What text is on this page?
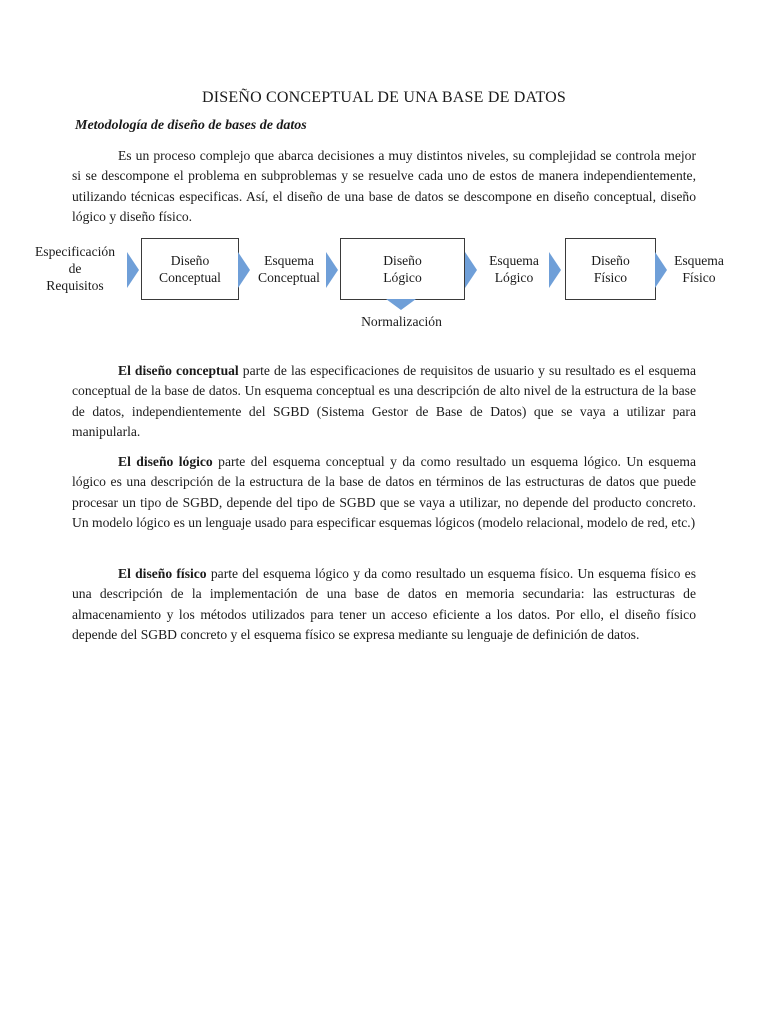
DISEÑO CONCEPTUAL DE UNA BASE DE DATOS
Metodología de diseño de bases de datos

Es un proceso complejo que abarca decisiones a muy distintos niveles, su complejidad se controla mejor si se descompone el problema en subproblemas y se resuelve cada uno de estos de manera independientemente, utilizando técnicas especificas. Así, el diseño de una base de datos se descompone en diseño conceptual, diseño lógico y diseño físico.

Especificación
de
Requisitos
Diseño
Conceptual
Esquema
Conceptual
Diseño
Lógico
Normalización
Esquema
Lógico
Diseño
Físico
Esquema
Físico

El diseño conceptual parte de las especificaciones de requisitos de usuario y su resultado es el esquema conceptual de la base de datos. Un esquema conceptual es una descripción de alto nivel de la estructura de la base de datos, independientemente del SGBD (Sistema Gestor de Base de Datos) que se vaya a utilizar para manipularla.

El diseño lógico parte del esquema conceptual y da como resultado un esquema lógico. Un esquema lógico es una descripción de la estructura de la base de datos en términos de las estructuras de datos que puede procesar un tipo de SGBD, depende del tipo de SGBD que se vaya a utilizar, no depende del producto concreto. Un modelo lógico es un lenguaje usado para especificar esquemas lógicos (modelo relacional, modelo de red, etc.)

El diseño físico parte del esquema lógico y da como resultado un esquema físico. Un esquema físico es una descripción de la implementación de una base de datos en memoria secundaria: las estructuras de almacenamiento y los métodos utilizados para tener un acceso eficiente a los datos. Por ello, el diseño físico depende del SGBD concreto y el esquema físico se expresa mediante su lenguaje de definición de datos.
